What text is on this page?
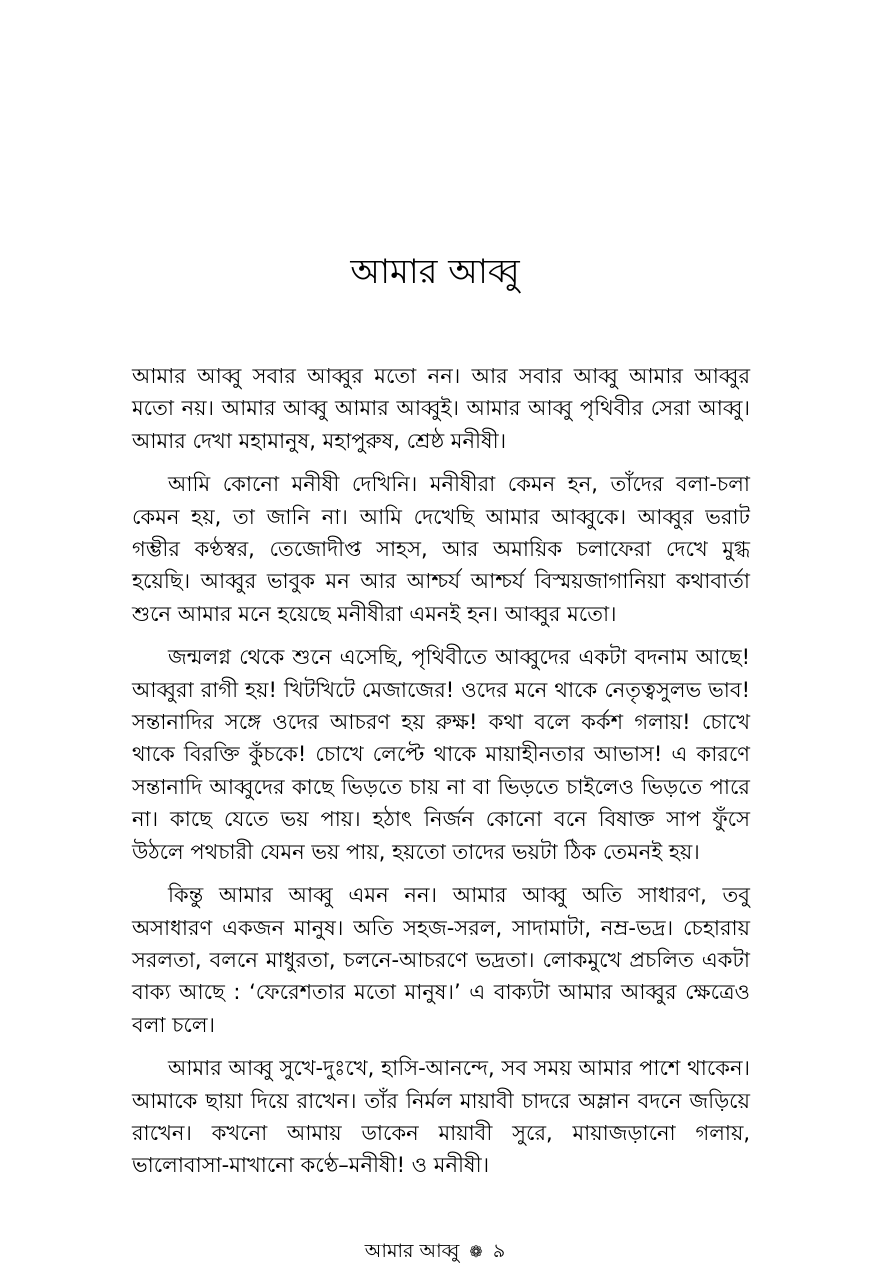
আমার আব্বু

আমার আব্বু সবার আব্বুর মতো নন। আর সবার আব্বু আমার আব্বুর মতো নয়। আমার আব্বু আমার আব্বুই। আমার আব্বু পৃথিবীর সেরা আব্বু। আমার দেখা মহামানুষ, মহাপুরুষ, শ্রেষ্ঠ মনীষী।

আমি কোনো মনীষী দেখিনি। মনীষীরা কেমন হন, তাঁদের বলা-চলা কেমন হয়, তা জানি না। আমি দেখেছি আমার আব্বুকে। আব্বুর ভরাট গম্ভীর কণ্ঠস্বর, তেজোদীপ্ত সাহস, আর অমায়িক চলাফেরা দেখে মুগ্ধ হয়েছি। আব্বুর ভাবুক মন আর আশ্চর্য আশ্চর্য বিস্ময়জাগানিয়া কথাবার্তা শুনে আমার মনে হয়েছে মনীষীরা এমনই হন। আব্বুর মতো।

জন্মলগ্ন থেকে শুনে এসেছি, পৃথিবীতে আব্বুদের একটা বদনাম আছে! আব্বুরা রাগী হয়! খিটখিটে মেজাজের! ওদের মনে থাকে নেতৃত্বসুলভ ভাব! সন্তানাদির সঙ্গে ওদের আচরণ হয় রুক্ষ! কথা বলে কর্কশ গলায়! চোখে থাকে বিরক্তি কুঁচকে! চোখে লেপ্টে থাকে মায়াহীনতার আভাস! এ কারণে সন্তানাদি আব্বুদের কাছে ভিড়তে চায় না বা ভিড়তে চাইলেও ভিড়তে পারে না। কাছে যেতে ভয় পায়। হঠাৎ নির্জন কোনো বনে বিষাক্ত সাপ ফুঁসে উঠলে পথচারী যেমন ভয় পায়, হয়তো তাদের ভয়টা ঠিক তেমনই হয়।

কিন্তু আমার আব্বু এমন নন। আমার আব্বু অতি সাধারণ, তবু অসাধারণ একজন মানুষ। অতি সহজ-সরল, সাদামাটা, নম্র-ভদ্র। চেহারায় সরলতা, বলনে মাধুরতা, চলনে-আচরণে ভদ্রতা। লোকমুখে প্রচলিত একটা বাক্য আছে : ‘ফেরেশতার মতো মানুষ।’ এ বাক্যটা আমার আব্বুর ক্ষেত্রেও বলা চলে।

আমার আব্বু সুখে-দুঃখে, হাসি-আনন্দে, সব সময় আমার পাশে থাকেন। আমাকে ছায়া দিয়ে রাখেন। তাঁর নির্মল মায়াবী চাদরে অম্লান বদনে জড়িয়ে রাখেন। কখনো আমায় ডাকেন মায়াবী সুরে, মায়াজড়ানো গলায়, ভালোবাসা-মাখানো কণ্ঠে–মনীষী! ও মনীষী।

আমার আব্বু ❁ ৯
